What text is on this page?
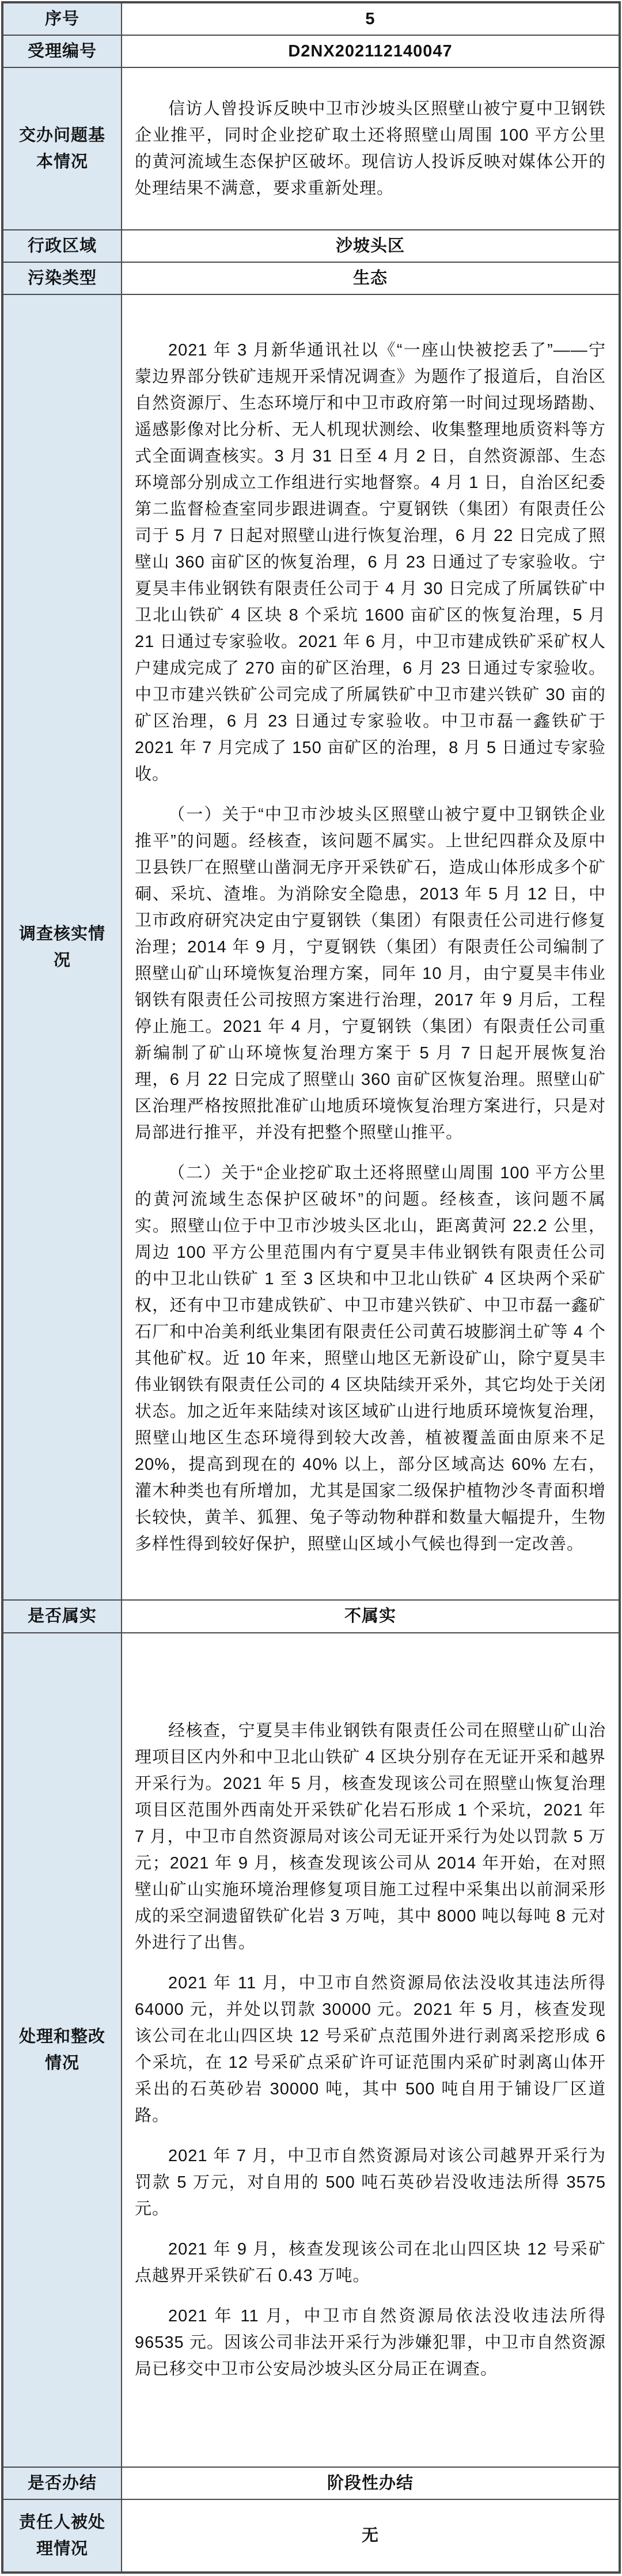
序号	5
受理编号	D2NX202112140047
交办问题基本情况	信访人曾投诉反映中卫市沙坡头区照壁山被宁夏中卫钢铁企业推平，同时企业挖矿取土还将照壁山周围 100 平方公里的黄河流域生态保护区破坏。现信访人投诉反映对媒体公开的处理结果不满意，要求重新处理。

行政区域	沙坡头区
污染类型	生态
调查核实情况	2021 年 3 月新华通讯社以《“一座山快被挖丢了”——宁蒙边界部分铁矿违规开采情况调查》为题作了报道后，自治区自然资源厅、生态环境厅和中卫市政府第一时间过现场踏勘、遥感影像对比分析、无人机现状测绘、收集整理地质资料等方式全面调查核实。3 月 31 日至 4 月 2 日，自然资源部、生态环境部分别成立工作组进行实地督察。4 月 1 日，自治区纪委第二监督检查室同步跟进调查。宁夏钢铁（集团）有限责任公司于 5 月 7 日起对照壁山进行恢复治理，6 月 22 日完成了照壁山 360 亩矿区的恢复治理，6 月 23 日通过了专家验收。宁夏昊丰伟业钢铁有限责任公司于 4 月 30 日完成了所属铁矿中卫北山铁矿 4 区块 8 个采坑 1600 亩矿区的恢复治理，5 月 21 日通过专家验收。2021 年 6 月，中卫市建成铁矿采矿权人户建成完成了 270 亩的矿区治理，6 月 23 日通过专家验收。中卫市建兴铁矿公司完成了所属铁矿中卫市建兴铁矿 30 亩的矿区治理，6 月 23 日通过专家验收。中卫市磊一鑫铁矿于 2021 年 7 月完成了 150 亩矿区的治理，8 月 5 日通过专家验收。

（一）关于“中卫市沙坡头区照壁山被宁夏中卫钢铁企业推平”的问题。经核查，该问题不属实。上世纪四群众及原中卫县铁厂在照壁山凿洞无序开采铁矿石，造成山体形成多个矿硐、采坑、渣堆。为消除安全隐患，2013 年 5 月 12 日，中卫市政府研究决定由宁夏钢铁（集团）有限责任公司进行修复治理；2014 年 9 月，宁夏钢铁（集团）有限责任公司编制了照壁山矿山环境恢复治理方案，同年 10 月，由宁夏昊丰伟业钢铁有限责任公司按照方案进行治理，2017 年 9 月后，工程停止施工。2021 年 4 月，宁夏钢铁（集团）有限责任公司重新编制了矿山环境恢复治理方案于 5 月 7 日起开展恢复治理，6 月 22 日完成了照壁山 360 亩矿区恢复治理。照壁山矿区治理严格按照批准矿山地质环境恢复治理方案进行，只是对局部进行推平，并没有把整个照壁山推平。

（二）关于“企业挖矿取土还将照壁山周围 100 平方公里的黄河流域生态保护区破坏”的问题。经核查，该问题不属实。照壁山位于中卫市沙坡头区北山，距离黄河 22.2 公里，周边 100 平方公里范围内有宁夏昊丰伟业钢铁有限责任公司的中卫北山铁矿 1 至 3 区块和中卫北山铁矿 4 区块两个采矿权，还有中卫市建成铁矿、中卫市建兴铁矿、中卫市磊一鑫矿石厂和中冶美利纸业集团有限责任公司黄石坡膨润土矿等 4 个其他矿权。近 10 年来，照壁山地区无新设矿山，除宁夏昊丰伟业钢铁有限责任公司的 4 区块陆续开采外，其它均处于关闭状态。加之近年来陆续对该区域矿山进行地质环境恢复治理，照壁山地区生态环境得到较大改善，植被覆盖面由原来不足 20%，提高到现在的 40% 以上，部分区域高达 60% 左右，灌木种类也有所增加，尤其是国家二级保护植物沙冬青面积增长较快，黄羊、狐狸、兔子等动物种群和数量大幅提升，生物多样性得到较好保护，照壁山区域小气候也得到一定改善。

是否属实	不属实
处理和整改情况	经核查，宁夏昊丰伟业钢铁有限责任公司在照壁山矿山治理项目区内外和中卫北山铁矿 4 区块分别存在无证开采和越界开采行为。2021 年 5 月，核查发现该公司在照壁山恢复治理项目区范围外西南处开采铁矿化岩石形成 1 个采坑，2021 年 7 月，中卫市自然资源局对该公司无证开采行为处以罚款 5 万元；2021 年 9 月，核查发现该公司从 2014 年开始，在对照壁山矿山实施环境治理修复项目施工过程中采集出以前洞采形成的采空洞遗留铁矿化岩 3 万吨，其中 8000 吨以每吨 8 元对外进行了出售。

2021 年 11 月，中卫市自然资源局依法没收其违法所得 64000 元，并处以罚款 30000 元。2021 年 5 月，核查发现该公司在北山四区块 12 号采矿点范围外进行剥离采挖形成 6 个采坑，在 12 号采矿点采矿许可证范围内采矿时剥离山体开采出的石英砂岩 30000 吨，其中 500 吨自用于铺设厂区道路。

2021 年 7 月，中卫市自然资源局对该公司越界开采行为罚款 5 万元，对自用的 500 吨石英砂岩没收违法所得 3575 元。

2021 年 9 月，核查发现该公司在北山四区块 12 号采矿点越界开采铁矿石 0.43 万吨。

2021 年 11 月，中卫市自然资源局依法没收违法所得 96535 元。因该公司非法开采行为涉嫌犯罪，中卫市自然资源局已移交中卫市公安局沙坡头区分局正在调查。

是否办结	阶段性办结
责任人被处理情况	无
